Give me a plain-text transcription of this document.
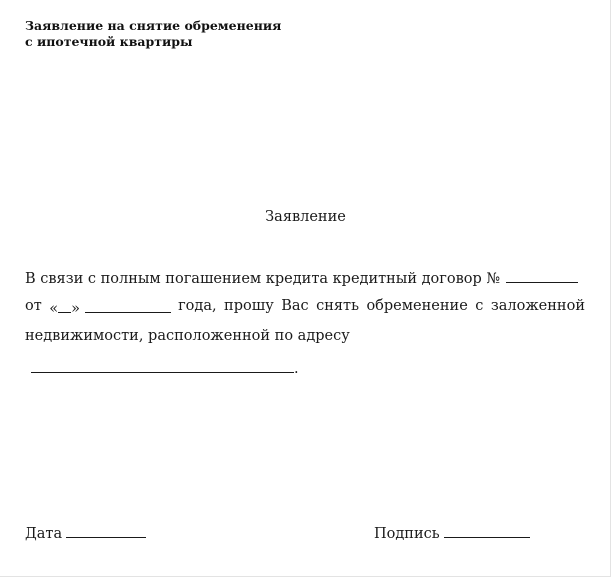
Заявление на снятие обременения
с ипотечной квартиры
Заявление
В связи с полным погашением кредита кредитный договор №
от « »	года, прошу Вас снять обременение с заложенной
недвижимости, расположенной по адресу
.
Дата	Подпись
